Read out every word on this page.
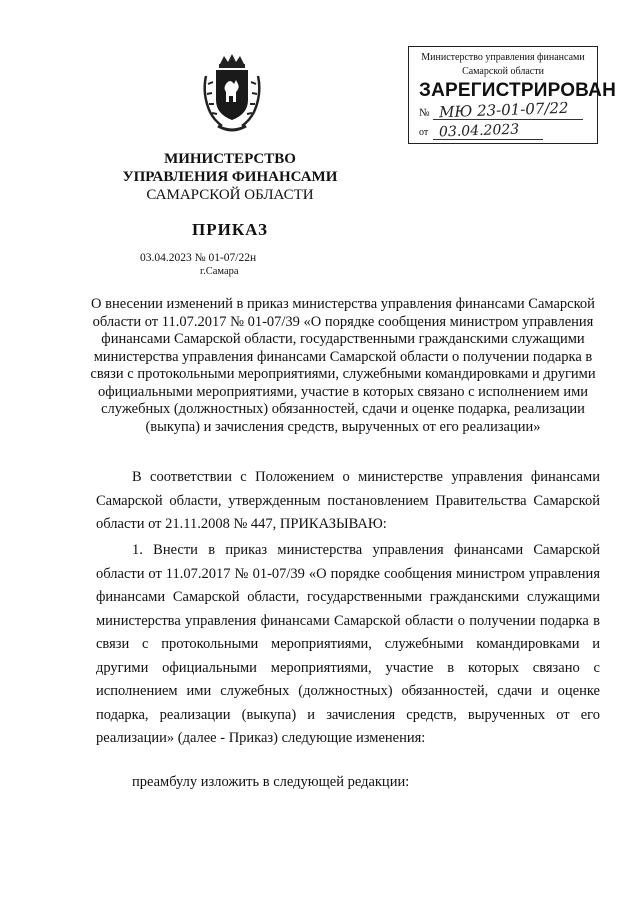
Министерство управления финансами
Самарской области
ЗАРЕГИСТРИРОВАН
№ МЮ 23-01-07/22
от 03.04.2023
МИНИСТЕРСТВО
УПРАВЛЕНИЯ ФИНАНСАМИ
САМАРСКОЙ ОБЛАСТИ
ПРИКАЗ
03.04.2023 № 01-07/22н
г.Самара

О внесении изменений в приказ министерства управления финансами Самарской области от 11.07.2017 № 01-07/39 «О порядке сообщения министром управления финансами Самарской области, государственными гражданскими служащими министерства управления финансами Самарской области о получении подарка в связи с протокольными мероприятиями, служебными командировками и другими официальными мероприятиями, участие в которых связано с исполнением ими служебных (должностных) обязанностей, сдачи и оценке подарка, реализации (выкупа) и зачисления средств, вырученных от его реализации»

В соответствии с Положением о министерстве управления финансами Самарской области, утвержденным постановлением Правительства Самарской области от 21.11.2008 № 447, ПРИКАЗЫВАЮ:

1. Внести в приказ министерства управления финансами Самарской области от 11.07.2017 № 01-07/39 «О порядке сообщения министром управления финансами Самарской области, государственными гражданскими служащими министерства управления финансами Самарской области о получении подарка в связи с протокольными мероприятиями, служебными командировками и другими официальными мероприятиями, участие в которых связано с исполнением ими служебных (должностных) обязанностей, сдачи и оценке подарка, реализации (выкупа) и зачисления средств, вырученных от его реализации» (далее - Приказ) следующие изменения:

преамбулу изложить в следующей редакции:
